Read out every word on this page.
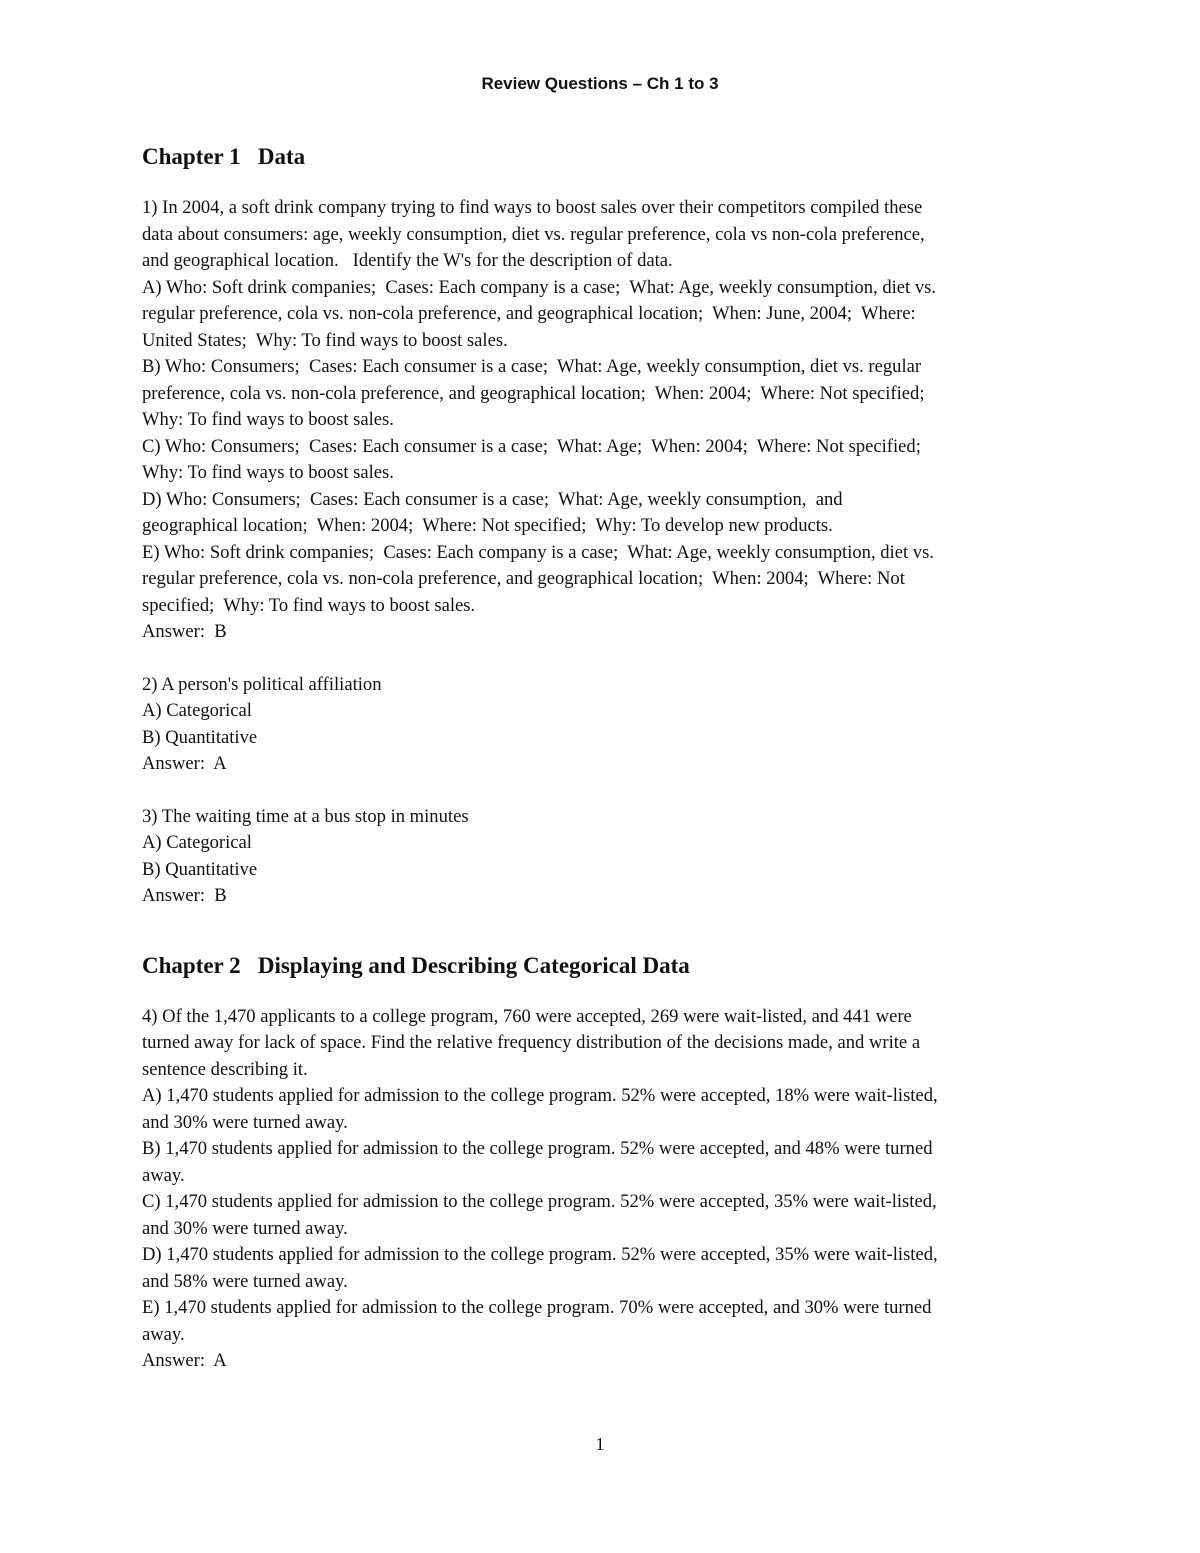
Review Questions – Ch 1 to 3
Chapter 1   Data

1) In 2004, a soft drink company trying to find ways to boost sales over their competitors compiled these

data about consumers: age, weekly consumption, diet vs. regular preference, cola vs non-cola preference,

and geographical location.   Identify the W's for the description of data.

A) Who: Soft drink companies;  Cases: Each company is a case;  What: Age, weekly consumption, diet vs.

regular preference, cola vs. non-cola preference, and geographical location;  When: June, 2004;  Where:

United States;  Why: To find ways to boost sales.

B) Who: Consumers;  Cases: Each consumer is a case;  What: Age, weekly consumption, diet vs. regular

preference, cola vs. non-cola preference, and geographical location;  When: 2004;  Where: Not specified;

Why: To find ways to boost sales.

C) Who: Consumers;  Cases: Each consumer is a case;  What: Age;  When: 2004;  Where: Not specified;

Why: To find ways to boost sales.

D) Who: Consumers;  Cases: Each consumer is a case;  What: Age, weekly consumption,  and

geographical location;  When: 2004;  Where: Not specified;  Why: To develop new products.

E) Who: Soft drink companies;  Cases: Each company is a case;  What: Age, weekly consumption, diet vs.

regular preference, cola vs. non-cola preference, and geographical location;  When: 2004;  Where: Not

specified;  Why: To find ways to boost sales.

Answer:  B

2) A person's political affiliation

A) Categorical

B) Quantitative

Answer:  A

3) The waiting time at a bus stop in minutes

A) Categorical

B) Quantitative

Answer:  B

Chapter 2   Displaying and Describing Categorical Data

4) Of the 1,470 applicants to a college program, 760 were accepted, 269 were wait-listed, and 441 were

turned away for lack of space. Find the relative frequency distribution of the decisions made, and write a

sentence describing it.

A) 1,470 students applied for admission to the college program. 52% were accepted, 18% were wait-listed,

and 30% were turned away.

B) 1,470 students applied for admission to the college program. 52% were accepted, and 48% were turned

away.

C) 1,470 students applied for admission to the college program. 52% were accepted, 35% were wait-listed,

and 30% were turned away.

D) 1,470 students applied for admission to the college program. 52% were accepted, 35% were wait-listed,

and 58% were turned away.

E) 1,470 students applied for admission to the college program. 70% were accepted, and 30% were turned

away.

Answer:  A

1
